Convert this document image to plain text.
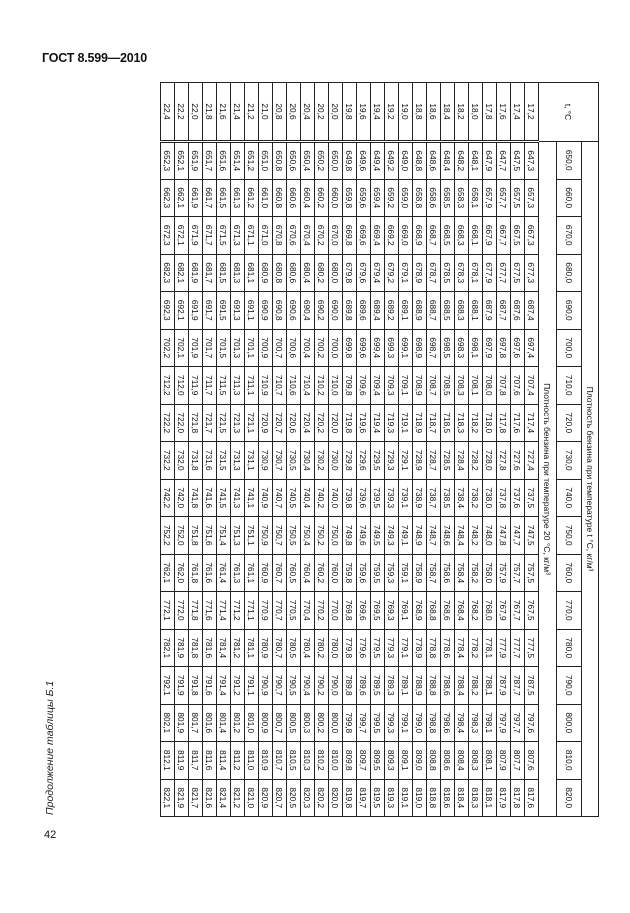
ГОСТ 8.599—2010
Продолжение таблицы Б.1
42
t, °C	Плотность бензина при температуре t °C, кг/м³																	
	650,0	660,0	670,0	680,0	690,0	700,0	710,0	720,0	730,0	740,0	750,0	760,0	770,0	780,0	790,0	800,0	810,0	820,0
	Плотность бензина при температуре 20 °C, кг/м³																	
17,2	647,3	657,3	667,3	677,3	687,4	697,4	707,4	717,4	727,4	737,5	747,5	757,5	767,5	777,5	787,5	797,6	807,6	817,6
17,4	647,5	657,5	667,5	677,5	687,6	697,6	707,6	717,6	727,6	737,6	747,7	757,7	767,7	777,7	787,7	797,7	807,7	817,8
17,6	647,7	657,7	667,7	677,7	687,7	697,8	707,8	717,8	727,8	737,8	747,8	757,9	767,9	777,9	787,9	797,9	807,9	817,9
17,8	647,9	657,9	667,9	677,9	687,9	697,9	708,0	718,0	728,0	738,0	748,0	758,0	768,0	778,1	788,1	798,1	808,1	818,1
18,0	648,1	658,1	668,1	678,1	688,1	698,1	708,1	718,2	728,2	738,2	748,2	758,2	768,2	778,2	788,2	798,3	808,3	818,3
18,2	648,2	658,3	668,3	678,3	688,3	698,3	708,3	718,3	728,4	738,4	748,4	758,4	768,4	778,4	788,4	798,4	808,4	818,4
18,4	648,4	658,5	668,5	678,5	688,5	698,5	708,5	718,5	728,5	738,5	748,6	758,6	768,6	778,6	788,6	798,6	808,6	818,6
18,6	648,6	658,6	668,7	678,7	688,7	698,7	708,7	718,7	728,7	738,7	748,7	758,7	768,8	778,8	788,8	798,8	808,8	818,8
18,8	648,8	658,8	668,9	678,9	688,9	698,9	708,9	718,9	728,9	738,9	748,9	758,9	768,9	778,9	788,9	799,0	809,0	819,0
19,0	649,0	659,0	669,0	679,1	689,1	699,1	709,1	719,1	729,1	739,1	749,1	759,1	769,1	779,1	789,1	799,1	809,1	819,1
19,2	649,2	659,2	669,2	679,2	689,2	699,3	709,3	719,3	729,3	739,3	749,3	759,3	769,3	779,3	789,3	799,3	809,3	819,3
19,4	649,4	659,4	669,4	679,4	689,4	699,4	709,4	719,4	729,5	739,5	749,5	759,5	769,5	779,5	789,5	799,5	809,5	819,5
19,6	649,6	659,6	669,6	679,6	689,6	699,6	709,6	719,6	729,6	739,6	749,6	759,6	769,6	779,6	789,6	799,7	809,7	819,7
19,8	649,8	659,8	669,8	679,8	689,8	699,8	709,8	719,8	729,8	739,8	749,8	759,8	769,8	779,8	789,8	799,8	809,8	819,8
20,0	650,0	660,0	670,0	680,0	690,0	700,0	710,0	720,0	730,0	740,0	750,0	760,0	770,0	780,0	790,0	800,0	810,0	820,0
20,2	650,2	660,2	670,2	680,2	690,2	700,2	710,2	720,2	730,2	740,2	750,2	760,2	770,2	780,2	790,2	800,2	810,2	820,2
20,4	650,4	660,4	670,4	680,4	690,4	700,4	710,4	720,4	730,4	740,4	750,4	760,4	770,4	780,4	790,4	800,3	810,3	820,3
20,6	650,6	660,6	670,6	680,6	690,6	700,6	710,6	720,6	730,5	740,5	750,5	760,5	770,5	780,5	790,5	800,5	810,5	820,5
20,8	650,8	660,8	670,8	680,8	690,8	700,7	710,7	720,7	730,7	740,7	750,7	760,7	770,7	780,7	790,7	800,7	810,7	820,7
21,0	651,0	661,0	671,0	680,9	690,9	700,9	710,9	720,9	730,9	740,9	750,9	760,9	770,9	780,9	790,9	800,9	810,9	820,9
21,2	651,2	661,2	671,1	681,1	691,1	701,1	711,1	721,1	731,1	741,1	751,1	761,1	771,1	781,1	791,1	801,0	811,0	821,0
21,4	651,4	661,3	671,3	681,3	691,3	701,3	711,3	721,3	731,3	741,3	751,3	761,3	771,2	781,2	791,2	801,2	811,2	821,2
21,6	651,6	661,5	671,5	681,5	691,5	701,5	711,5	721,5	731,5	741,5	751,4	761,4	771,4	781,4	791,4	801,4	811,4	821,4
21,8	651,7	661,7	671,7	681,7	691,7	701,7	711,7	721,7	731,6	741,6	751,6	761,6	771,6	781,6	791,6	801,6	811,6	821,6
22,0	651,9	661,9	671,9	681,9	691,9	701,9	711,9	721,8	731,8	741,8	751,8	761,8	771,8	781,8	791,8	801,7	811,7	821,7
22,2	652,1	662,1	672,1	682,1	692,1	702,1	712,0	722,0	732,0	742,0	752,0	762,0	772,0	781,9	791,9	801,9	811,9	821,9
22,4	652,3	662,3	672,3	682,3	692,3	702,2	712,2	722,2	732,2	742,2	752,2	762,1	772,1	782,1	792,1	802,1	812,1	822,1
